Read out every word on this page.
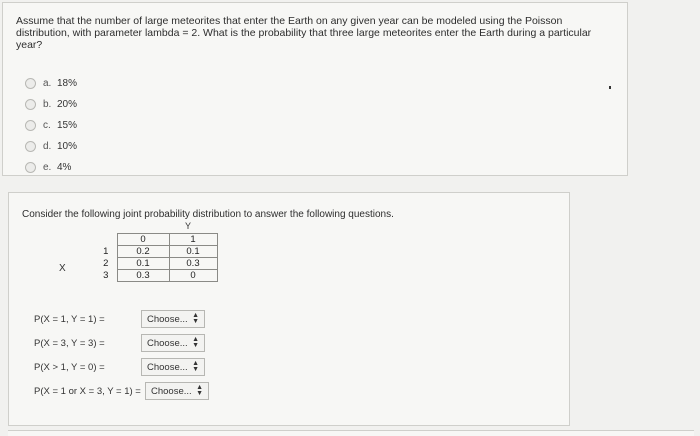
Assume that the number of large meteorites that enter the Earth on any given year can be modeled using the Poisson distribution, with parameter lambda = 2. What is the probability that three large meteorites enter the Earth during a particular year?
a. 18%
b. 20%
c. 15%
d. 10%
e. 4%
Consider the following joint probability distribution to answer the following questions.
Y
X
	0	1
1	0.2	0.1
2	0.1	0.3
3	0.3	0
P(X = 1, Y = 1) =	Choose... ▲
▼
P(X = 3, Y = 3) =	Choose... ▲
▼
P(X > 1, Y = 0) =	Choose... ▲
▼
P(X = 1 or X = 3, Y = 1) = Choose... ▲
▼
